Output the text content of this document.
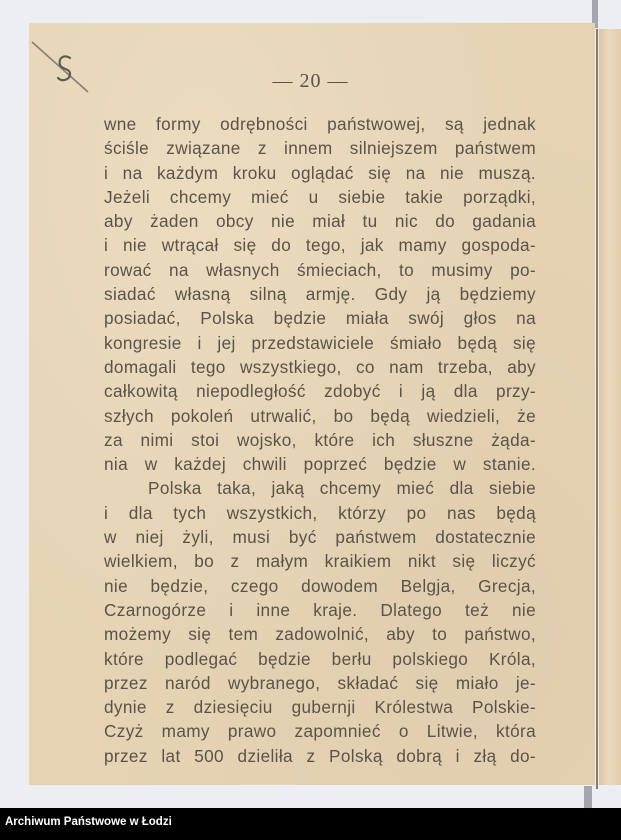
— 20 —
wne formy odrębności państwowej, są jednak
ściśle związane z innem silniejszem państwem
i na każdym kroku oglądać się na nie muszą.
Jeżeli chcemy mieć u siebie takie porządki,
aby żaden obcy nie miał tu nic do gadania
i nie wtrącał się do tego, jak mamy gospoda-
rować na własnych śmieciach, to musimy po-
siadać własną silną armję. Gdy ją będziemy
posiadać, Polska będzie miała swój głos na
kongresie i jej przedstawiciele śmiało będą się
domagali tego wszystkiego, co nam trzeba, aby
całkowitą niepodległość zdobyć i ją dla przy-
szłych pokoleń utrwalić, bo będą wiedzieli, że
za nimi stoi wojsko, które ich słuszne żąda-
nia w każdej chwili poprzeć będzie w stanie.
Polska taka, jaką chcemy mieć dla siebie
i dla tych wszystkich, którzy po nas będą
w niej żyli, musi być państwem dostatecznie
wielkiem, bo z małym kraikiem nikt się liczyć
nie będzie, czego dowodem Belgja, Grecja,
Czarnogórze i inne kraje. Dlatego też nie
możemy się tem zadowolnić, aby to państwo,
które podlegać będzie berłu polskiego Króla,
przez naród wybranego, składać się miało je-
dynie z dziesięciu gubernji Królestwa Polskie-
Czyż mamy prawo zapomnieć o Litwie, która
przez lat 500 dzieliła z Polską dobrą i złą do-
Archiwum Państwowe w Łodzi
